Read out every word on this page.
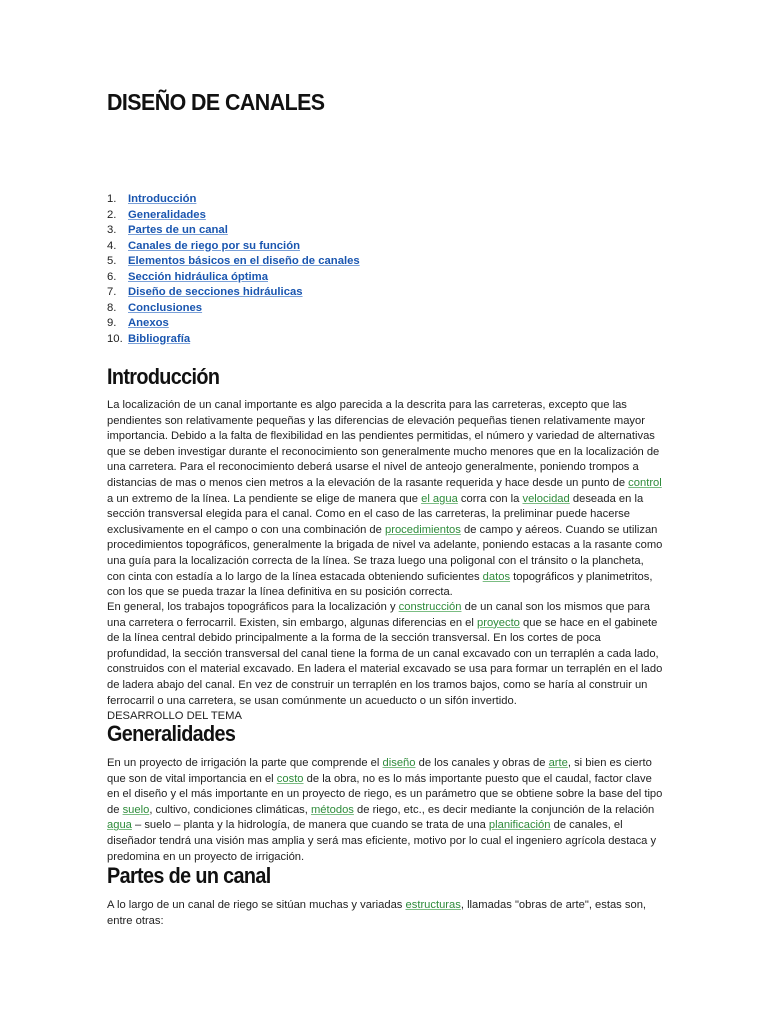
DISEÑO DE CANALES
1.	Introducción
2.	Generalidades
3.	Partes de un canal
4.	Canales de riego por su función
5.	Elementos básicos en el diseño de canales
6.	Sección hidráulica óptima
7.	Diseño de secciones hidráulicas
8.	Conclusiones
9.	Anexos
10. Bibliografía
Introducción

La localización de un canal importante es algo parecida a la descrita para las carreteras, excepto que las pendientes son relativamente pequeñas y las diferencias de elevación pequeñas tienen relativamente mayor importancia. Debido a la falta de flexibilidad en las pendientes permitidas, el número y variedad de alternativas que se deben investigar durante el reconocimiento son generalmente mucho menores que en la localización de una carretera. Para el reconocimiento deberá usarse el nivel de anteojo generalmente, poniendo trompos a distancias de mas o menos cien metros a la elevación de la rasante requerida y hace desde un punto de control a un extremo de la línea. La pendiente se elige de manera que el agua corra con la velocidad deseada en la sección transversal elegida para el canal. Como en el caso de las carreteras, la preliminar puede hacerse exclusivamente en el campo o con una combinación de procedimientos de campo y aéreos. Cuando se utilizan procedimientos topográficos, generalmente la brigada de nivel va adelante, poniendo estacas a la rasante como una guía para la localización correcta de la línea. Se traza luego una poligonal con el tránsito o la plancheta, con cinta con estadía a lo largo de la línea estacada obteniendo suficientes datos topográficos y planimetritos, con los que se pueda trazar la línea definitiva en su posición correcta.

En general, los trabajos topográficos para la localización y construcción de un canal son los mismos que para una carretera o ferrocarril. Existen, sin embargo, algunas diferencias en el proyecto que se hace en el gabinete de la línea central debido principalmente a la forma de la sección transversal. En los cortes de poca profundidad, la sección transversal del canal tiene la forma de un canal excavado con un terraplén a cada lado, construidos con el material excavado. En ladera el material excavado se usa para formar un terraplén en el lado de ladera abajo del canal. En vez de construir un terraplén en los tramos bajos, como se haría al construir un ferrocarril o una carretera, se usan comúnmente un acueducto o un sifón invertido.

DESARROLLO DEL TEMA

Generalidades

En un proyecto de irrigación la parte que comprende el diseño de los canales y obras de arte, si bien es cierto que son de vital importancia en el costo de la obra, no es lo más importante puesto que el caudal, factor clave en el diseño y el más importante en un proyecto de riego, es un parámetro que se obtiene sobre la base del tipo de suelo, cultivo, condiciones climáticas, métodos de riego, etc., es decir mediante la conjunción de la relación agua – suelo – planta y la hidrología, de manera que cuando se trata de una planificación de canales, el diseñador tendrá una visión mas amplia y será mas eficiente, motivo por lo cual el ingeniero agrícola destaca y predomina en un proyecto de irrigación.

Partes de un canal

A lo largo de un canal de riego se sitúan muchas y variadas estructuras, llamadas "obras de arte", estas son, entre otras:
